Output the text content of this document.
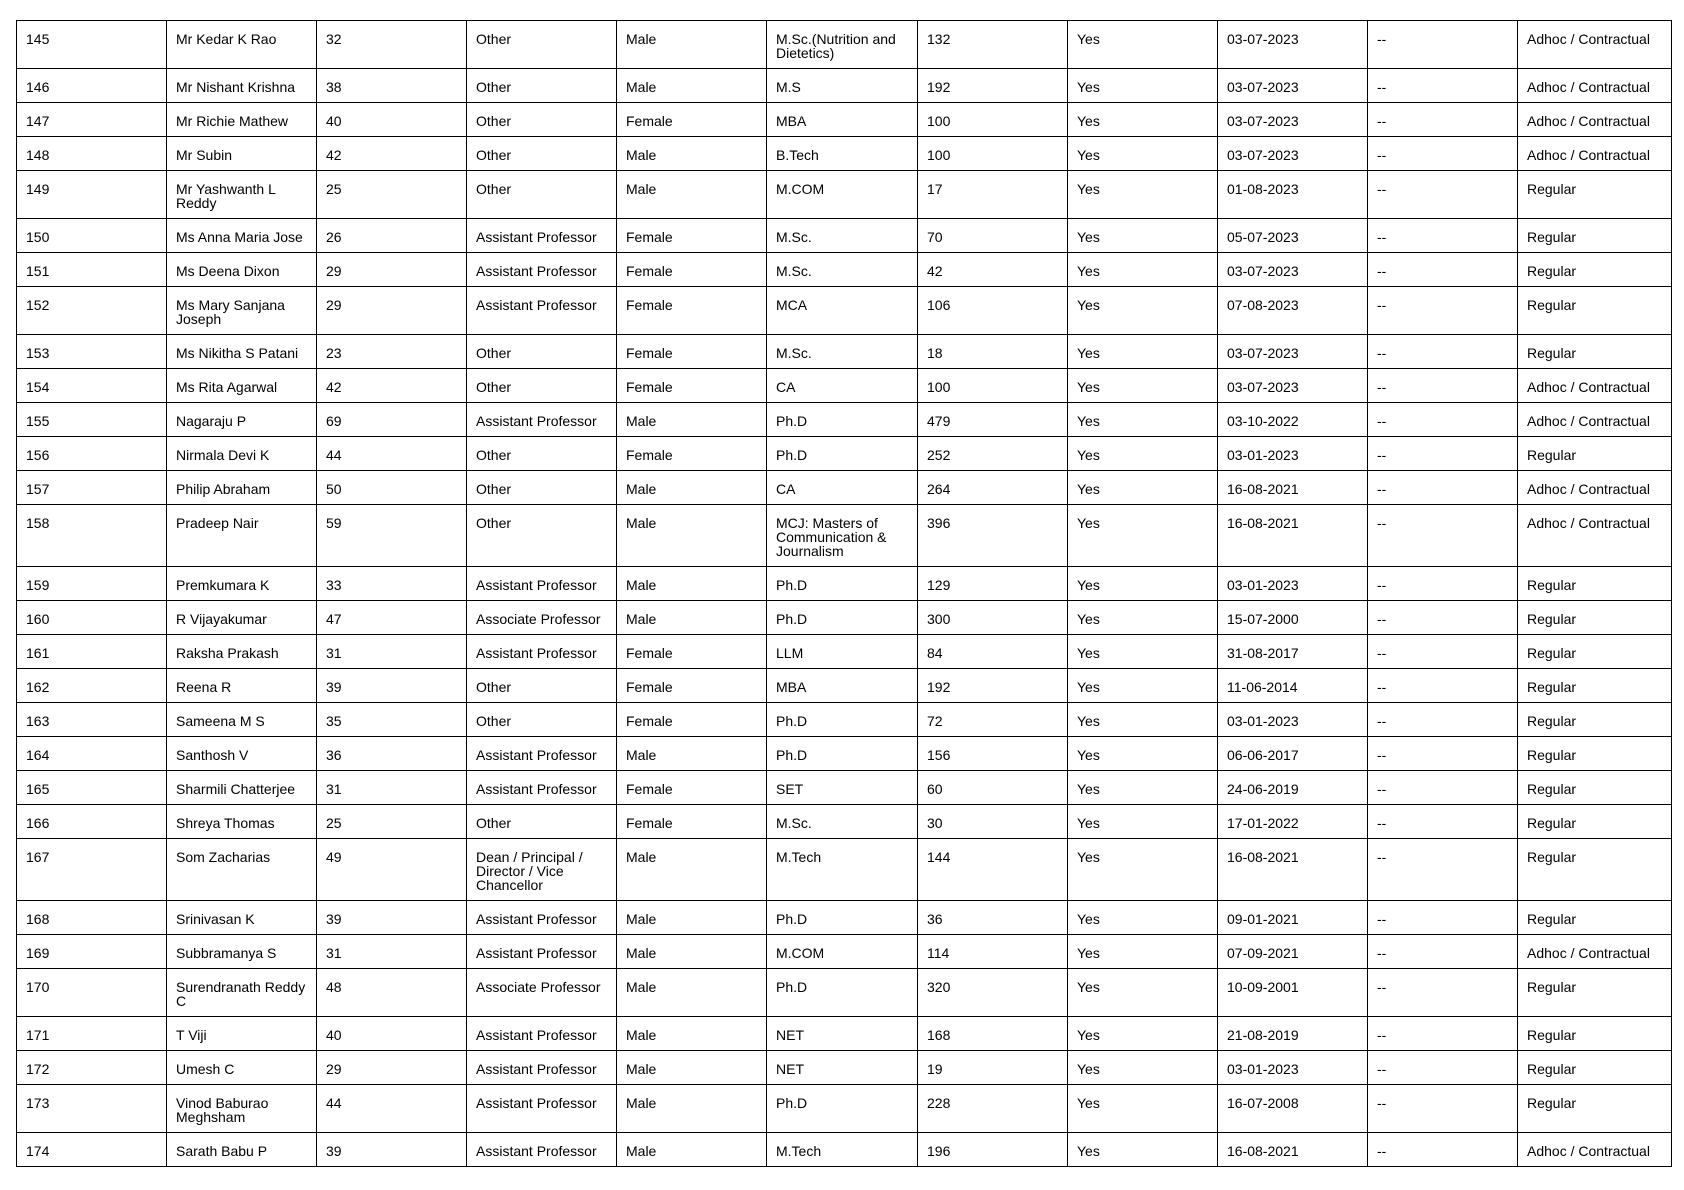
145	Mr Kedar K Rao	32	Other	Male	M.Sc.(Nutrition and Dietetics)	132	Yes	03-07-2023	--	Adhoc / Contractual
146	Mr Nishant Krishna	38	Other	Male	M.S	192	Yes	03-07-2023	--	Adhoc / Contractual
147	Mr Richie Mathew	40	Other	Female	MBA	100	Yes	03-07-2023	--	Adhoc / Contractual
148	Mr Subin	42	Other	Male	B.Tech	100	Yes	03-07-2023	--	Adhoc / Contractual
149	Mr Yashwanth L Reddy	25	Other	Male	M.COM	17	Yes	01-08-2023	--	Regular
150	Ms Anna Maria Jose	26	Assistant Professor	Female	M.Sc.	70	Yes	05-07-2023	--	Regular
151	Ms Deena Dixon	29	Assistant Professor	Female	M.Sc.	42	Yes	03-07-2023	--	Regular
152	Ms Mary Sanjana Joseph	29	Assistant Professor	Female	MCA	106	Yes	07-08-2023	--	Regular
153	Ms Nikitha S Patani	23	Other	Female	M.Sc.	18	Yes	03-07-2023	--	Regular
154	Ms Rita Agarwal	42	Other	Female	CA	100	Yes	03-07-2023	--	Adhoc / Contractual
155	Nagaraju P	69	Assistant Professor	Male	Ph.D	479	Yes	03-10-2022	--	Adhoc / Contractual
156	Nirmala Devi K	44	Other	Female	Ph.D	252	Yes	03-01-2023	--	Regular
157	Philip Abraham	50	Other	Male	CA	264	Yes	16-08-2021	--	Adhoc / Contractual
158	Pradeep Nair	59	Other	Male	MCJ: Masters of Communication & Journalism	396	Yes	16-08-2021	--	Adhoc / Contractual
159	Premkumara K	33	Assistant Professor	Male	Ph.D	129	Yes	03-01-2023	--	Regular
160	R Vijayakumar	47	Associate Professor	Male	Ph.D	300	Yes	15-07-2000	--	Regular
161	Raksha Prakash	31	Assistant Professor	Female	LLM	84	Yes	31-08-2017	--	Regular
162	Reena R	39	Other	Female	MBA	192	Yes	11-06-2014	--	Regular
163	Sameena M S	35	Other	Female	Ph.D	72	Yes	03-01-2023	--	Regular
164	Santhosh V	36	Assistant Professor	Male	Ph.D	156	Yes	06-06-2017	--	Regular
165	Sharmili Chatterjee	31	Assistant Professor	Female	SET	60	Yes	24-06-2019	--	Regular
166	Shreya Thomas	25	Other	Female	M.Sc.	30	Yes	17-01-2022	--	Regular
167	Som Zacharias	49	Dean / Principal / Director / Vice Chancellor	Male	M.Tech	144	Yes	16-08-2021	--	Regular
168	Srinivasan K	39	Assistant Professor	Male	Ph.D	36	Yes	09-01-2021	--	Regular
169	Subbramanya S	31	Assistant Professor	Male	M.COM	114	Yes	07-09-2021	--	Adhoc / Contractual
170	Surendranath Reddy C	48	Associate Professor	Male	Ph.D	320	Yes	10-09-2001	--	Regular
171	T Viji	40	Assistant Professor	Male	NET	168	Yes	21-08-2019	--	Regular
172	Umesh C	29	Assistant Professor	Male	NET	19	Yes	03-01-2023	--	Regular
173	Vinod Baburao Meghsham	44	Assistant Professor	Male	Ph.D	228	Yes	16-07-2008	--	Regular
174	Sarath Babu P	39	Assistant Professor	Male	M.Tech	196	Yes	16-08-2021	--	Adhoc / Contractual
